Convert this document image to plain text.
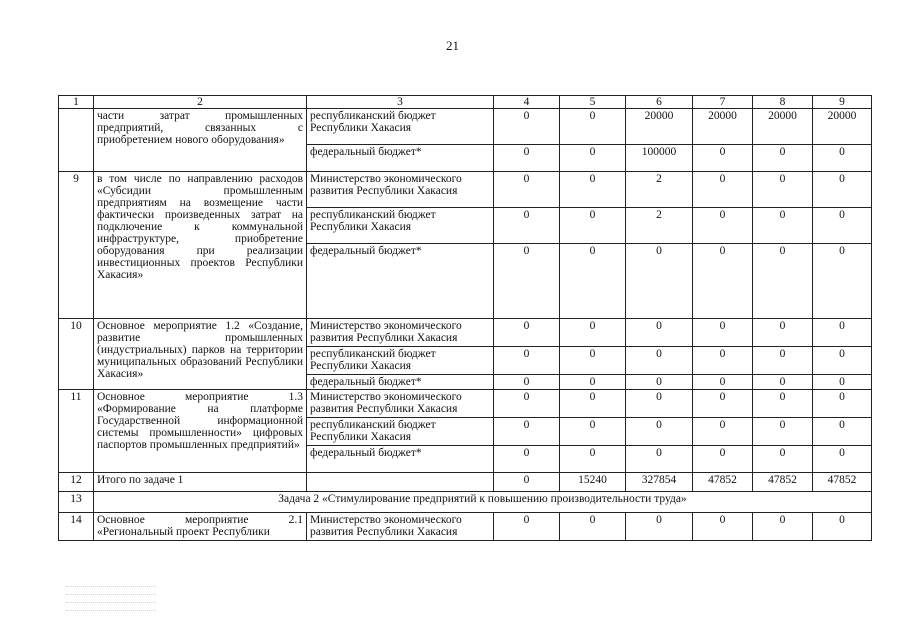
21
1	2	3	4	5	6	7	8	9
	части затрат промышленных предприятий, связанных с приобретением нового оборудования»	республиканский бюджет Республики Хакасия	0	0	20000	20000	20000	20000
		федеральный бюджет*	0	0	100000	0	0	0
9	в том числе по направлению расходов «Субсидии промышленным предприятиям на возмещение части фактически произведенных затрат на подключение к коммунальной инфраструктуре, приобретение оборудования при реализации инвестиционных проектов Республики Хакасия»	Министерство экономического развития Республики Хакасия	0	0	2	0	0	0
		республиканский бюджет Республики Хакасия	0	0	2	0	0	0
		федеральный бюджет*	0	0	0	0	0	0
10	Основное мероприятие 1.2 «Создание, развитие промышленных (индустриальных) парков на территории муниципальных образований Республики Хакасия»	Министерство экономического развития Республики Хакасия	0	0	0	0	0	0
		республиканский бюджет Республики Хакасия	0	0	0	0	0	0
		федеральный бюджет*	0	0	0	0	0	0
11	Основное мероприятие 1.3 «Формирование на платформе Государственной информационной системы промышленности» цифровых паспортов промышленных предприятий»	Министерство экономического развития Республики Хакасия	0	0	0	0	0	0
		республиканский бюджет Республики Хакасия	0	0	0	0	0	0
		федеральный бюджет*	0	0	0	0	0	0
12	Итого по задаче 1		0	15240	327854	47852	47852	47852
13	Задача 2 «Стимулирование предприятий к повышению производительности труда»							
14	Основное мероприятие 2.1 «Региональный проект Республики	Министерство экономического развития Республики Хакасия	0	0	0	0	0	0
